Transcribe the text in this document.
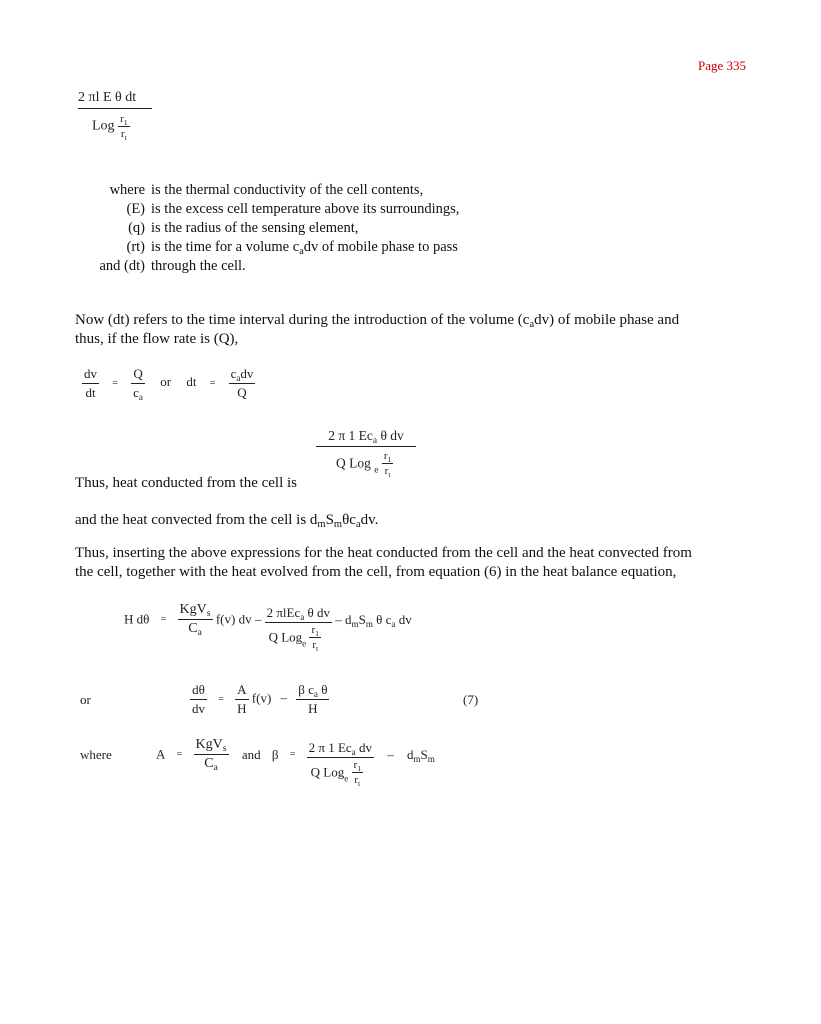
Page 335
2 πl E θ dt
Log $\frac{r_1}{r_t}$
where is the thermal conductivity of the cell contents,
(E) is the excess cell temperature above its surroundings,
(q) is the radius of the sensing element,
(rt) is the time for a volume $c_adv$ of mobile phase to pass
and (dt) through the cell.
Now (dt) refers to the time interval during the introduction of the volume $(c_adv)$ of mobile phase and
thus, if the flow rate is (Q),
$\frac{dv}{dt} = \frac{Q}{c_a}$ or dt = $\frac{c_adv}{Q}$
2 π 1 $Ec_a$ θ dv
Q Log $_e \frac{r_1}{r_t}$
Thus, heat conducted from the cell is
and the heat convected from the cell is $d_mS_m\theta c_adv$.
Thus, inserting the above expressions for the heat conducted from the cell and the heat convected from
the cell, together with the heat evolved from the cell, from equation (6) in the heat balance equation,
H $d\theta = \frac{KgV_s}{C_a} f(v)$ dv – $\frac{2 \pi lEc_a \theta dv}{Q Log_e \frac{r_1}{r_t}} - d_mS_m$ θ $c_a$ dv
or	$\frac{d\theta}{dv} = \frac{A}{H} f(v) - \frac{\beta c_a \theta}{H}$	(7)
where	$A = \frac{KgV_s}{C_a}$ and $\beta = \frac{2 \pi 1 Ec_a dv}{Q Log_e \frac{r_1}{r_t}} - d_mS_m$
